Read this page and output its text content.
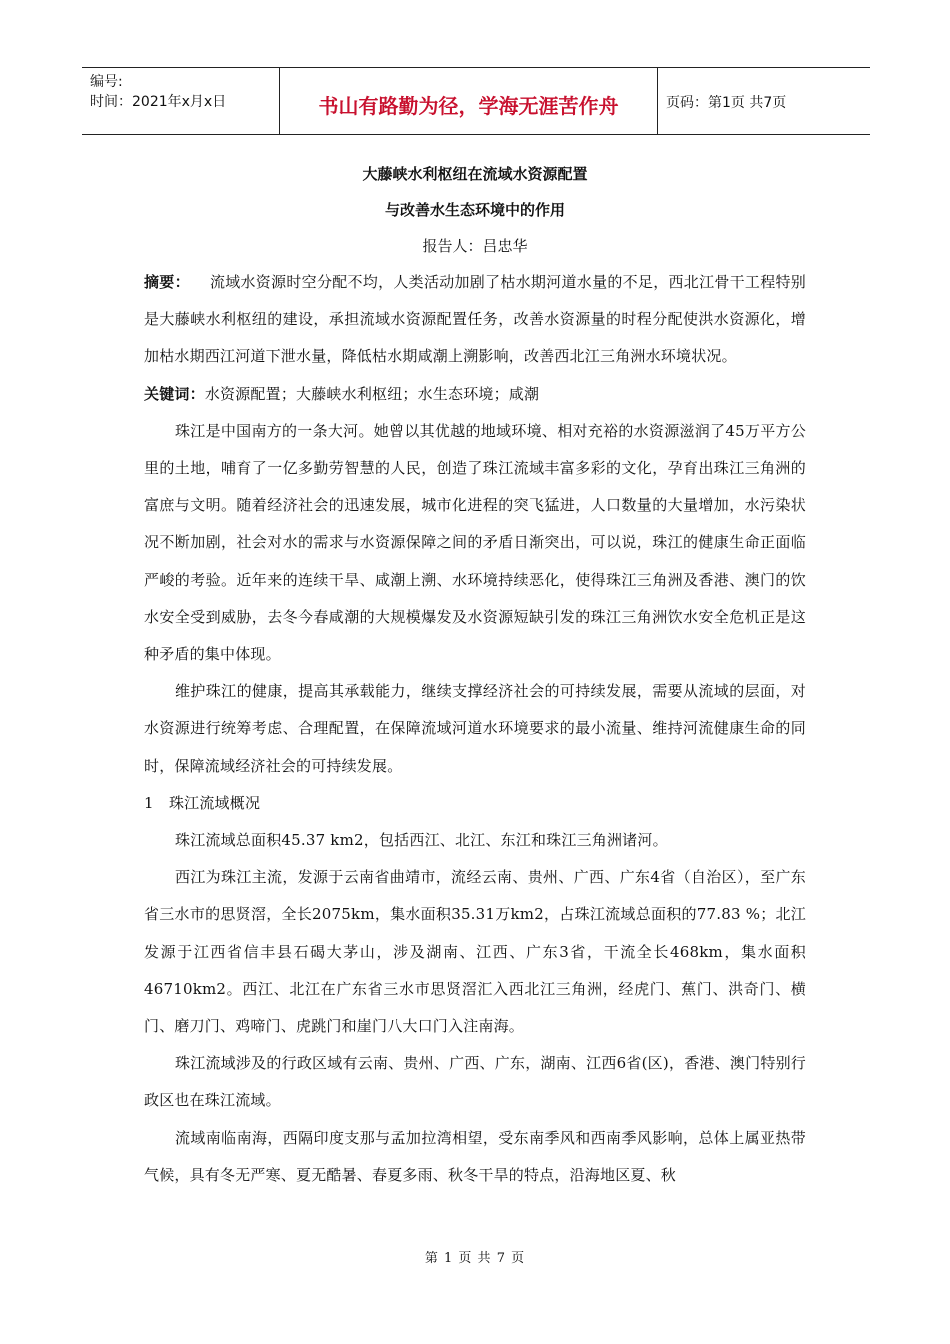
编号:
时间：2021年x月x日	书山有路勤为径，学海无涯苦作舟	页码：第1页 共7页
大藤峡水利枢纽在流域水资源配置
与改善水生态环境中的作用
报告人：吕忠华

摘要： 流域水资源时空分配不均，人类活动加剧了枯水期河道水量的不足，西北江骨干工程特别是大藤峡水利枢纽的建设，承担流域水资源配置任务，改善水资源量的时程分配使洪水资源化，增加枯水期西江河道下泄水量，降低枯水期咸潮上溯影响，改善西北江三角洲水环境状况。

关键词：水资源配置；大藤峡水利枢纽；水生态环境；咸潮

珠江是中国南方的一条大河。她曾以其优越的地域环境、相对充裕的水资源滋润了45万平方公里的土地，哺育了一亿多勤劳智慧的人民，创造了珠江流域丰富多彩的文化，孕育出珠江三角洲的富庶与文明。随着经济社会的迅速发展，城市化进程的突飞猛进，人口数量的大量增加，水污染状况不断加剧，社会对水的需求与水资源保障之间的矛盾日渐突出，可以说，珠江的健康生命正面临严峻的考验。近年来的连续干旱、咸潮上溯、水环境持续恶化，使得珠江三角洲及香港、澳门的饮水安全受到威胁，去冬今春咸潮的大规模爆发及水资源短缺引发的珠江三角洲饮水安全危机正是这种矛盾的集中体现。

维护珠江的健康，提高其承载能力，继续支撑经济社会的可持续发展，需要从流域的层面，对水资源进行统筹考虑、合理配置，在保障流域河道水环境要求的最小流量、维持河流健康生命的同时，保障流域经济社会的可持续发展。

1　珠江流域概况

珠江流域总面积45.37 km2，包括西江、北江、东江和珠江三角洲诸河。

西江为珠江主流，发源于云南省曲靖市，流经云南、贵州、广西、广东4省（自治区），至广东省三水市的思贤滘，全长2075km，集水面积35.31万km2，占珠江流域总面积的77.83 %；北江发源于江西省信丰县石碣大茅山，涉及湖南、江西、广东3省，干流全长468km，集水面积46710km2。西江、北江在广东省三水市思贤滘汇入西北江三角洲，经虎门、蕉门、洪奇门、横门、磨刀门、鸡啼门、虎跳门和崖门八大口门入注南海。

珠江流域涉及的行政区域有云南、贵州、广西、广东，湖南、江西6省(区)，香港、澳门特别行政区也在珠江流域。

流域南临南海，西隔印度支那与孟加拉湾相望，受东南季风和西南季风影响，总体上属亚热带气候，具有冬无严寒、夏无酷暑、春夏多雨、秋冬干旱的特点，沿海地区夏、秋

第 1 页 共 7 页
